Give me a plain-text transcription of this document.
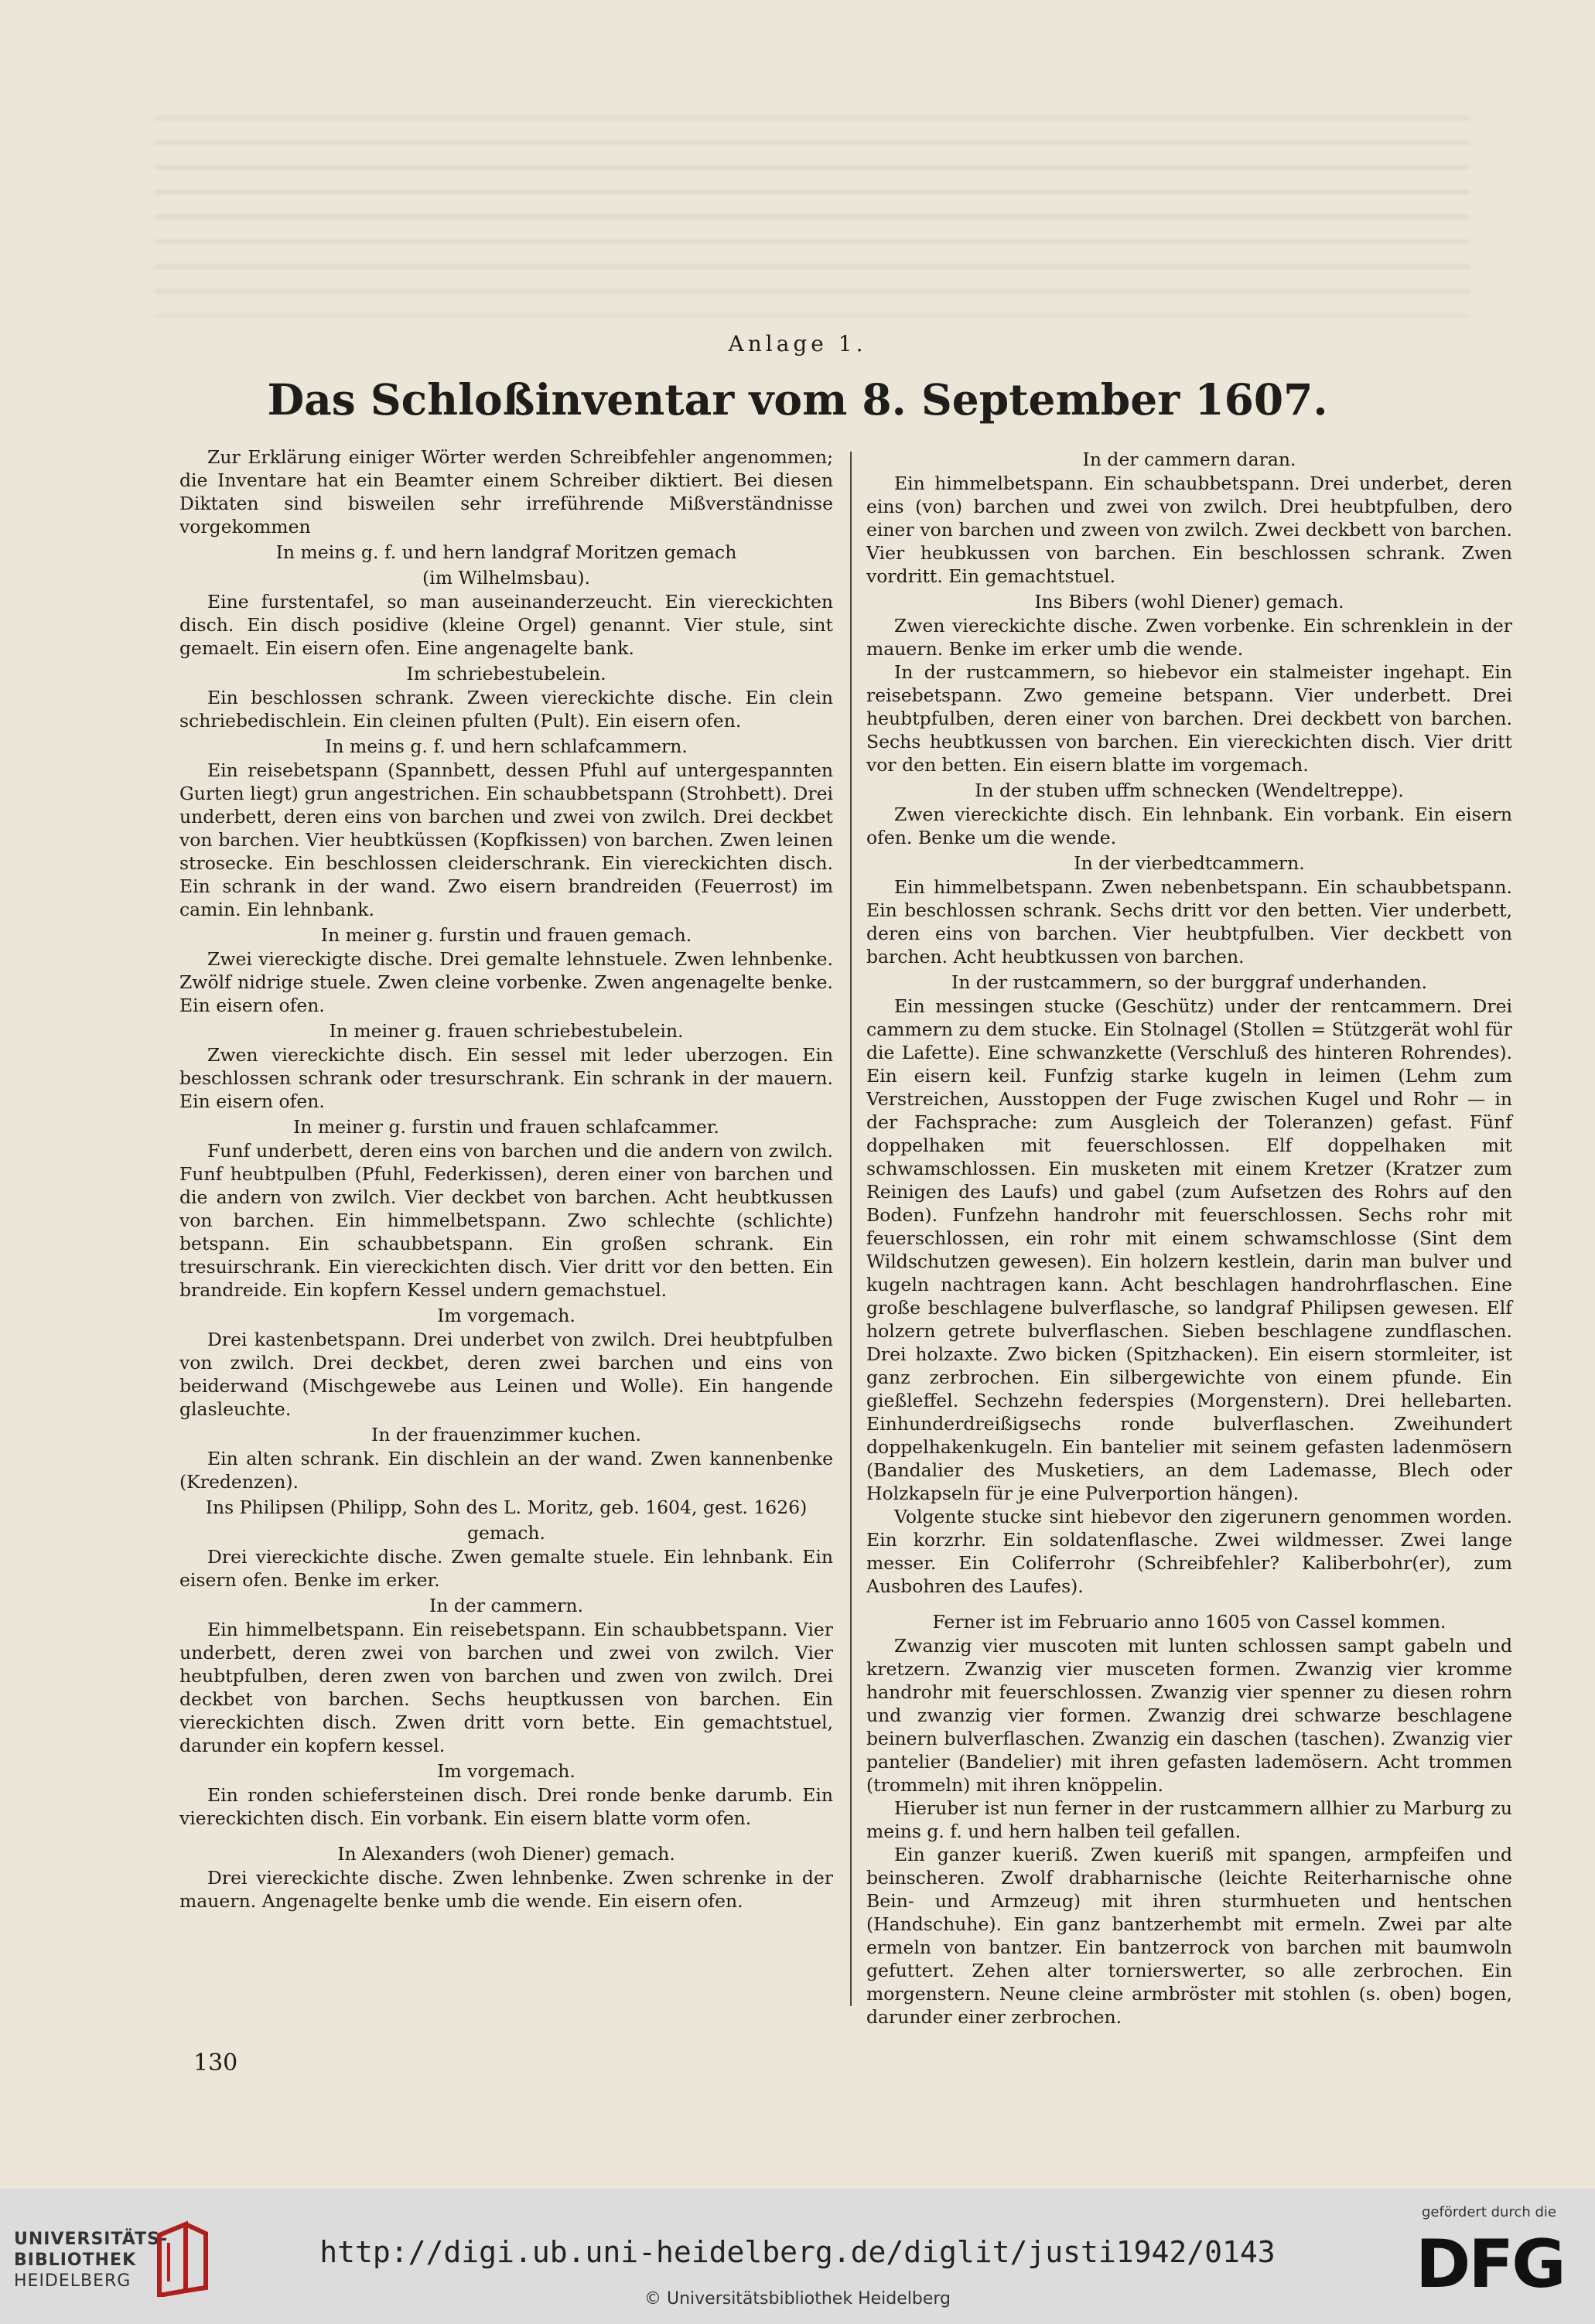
Anlage 1.
Das Schloßinventar vom 8. September 1607.

Zur Erklärung einiger Wörter werden Schreibfehler angenommen; die Inventare hat ein Beamter einem Schreiber diktiert. Bei diesen Diktaten sind bisweilen sehr irreführende Mißverständnisse vorgekommen

In meins g. f. und hern landgraf Moritzen gemach
(im Wilhelmsbau).

Eine furstentafel, so man auseinanderzeucht. Ein viereckichten disch. Ein disch posidive (kleine Orgel) genannt. Vier stule, sint gemaelt. Ein eisern ofen. Eine angenagelte bank.

Im schriebestubelein.

Ein beschlossen schrank. Zween viereckichte dische. Ein clein schriebedischlein. Ein cleinen pfulten (Pult). Ein eisern ofen.

In meins g. f. und hern schlafcammern.

Ein reisebetspann (Spannbett, dessen Pfuhl auf untergespannten Gurten liegt) grun angestrichen. Ein schaubbetspann (Strohbett). Drei underbett, deren eins von barchen und zwei von zwilch. Drei deckbet von barchen. Vier heubtküssen (Kopfkissen) von barchen. Zwen leinen strosecke. Ein beschlossen cleiderschrank. Ein viereckichten disch. Ein schrank in der wand. Zwo eisern brandreiden (Feuerrost) im camin. Ein lehnbank.

In meiner g. furstin und frauen gemach.

Zwei viereckigte dische. Drei gemalte lehnstuele. Zwen lehnbenke. Zwölf nidrige stuele. Zwen cleine vorbenke. Zwen angenagelte benke. Ein eisern ofen.

In meiner g. frauen schriebestubelein.

Zwen viereckichte disch. Ein sessel mit leder uberzogen. Ein beschlossen schrank oder tresurschrank. Ein schrank in der mauern. Ein eisern ofen.

In meiner g. furstin und frauen schlafcammer.

Funf underbett, deren eins von barchen und die andern von zwilch. Funf heubtpulben (Pfuhl, Federkissen), deren einer von barchen und die andern von zwilch. Vier deckbet von barchen. Acht heubtkussen von barchen. Ein himmelbetspann. Zwo schlechte (schlichte) betspann. Ein schaubbetspann. Ein großen schrank. Ein tresuirschrank. Ein viereckichten disch. Vier dritt vor den betten. Ein brandreide. Ein kopfern Kessel undern gemachstuel.

Im vorgemach.

Drei kastenbetspann. Drei underbet von zwilch. Drei heubtpfulben von zwilch. Drei deckbet, deren zwei barchen und eins von beiderwand (Mischgewebe aus Leinen und Wolle). Ein hangende glasleuchte.

In der frauenzimmer kuchen.

Ein alten schrank. Ein dischlein an der wand. Zwen kannenbenke (Kredenzen).

Ins Philipsen (Philipp, Sohn des L. Moritz, geb. 1604, gest. 1626)
gemach.

Drei viereckichte dische. Zwen gemalte stuele. Ein lehnbank. Ein eisern ofen. Benke im erker.

In der cammern.

Ein himmelbetspann. Ein reisebetspann. Ein schaubbetspann. Vier underbett, deren zwei von barchen und zwei von zwilch. Vier heubtpfulben, deren zwen von barchen und zwen von zwilch. Drei deckbet von barchen. Sechs heuptkussen von barchen. Ein viereckichten disch. Zwen dritt vorn bette. Ein gemachtstuel, darunder ein kopfern kessel.

Im vorgemach.

Ein ronden schiefersteinen disch. Drei ronde benke darumb. Ein viereckichten disch. Ein vorbank. Ein eisern blatte vorm ofen.

In Alexanders (woh Diener) gemach.

Drei viereckichte dische. Zwen lehnbenke. Zwen schrenke in der mauern. Angenagelte benke umb die wende. Ein eisern ofen.

In der cammern daran.

Ein himmelbetspann. Ein schaubbetspann. Drei underbet, deren eins (von) barchen und zwei von zwilch. Drei heubtpfulben, dero einer von barchen und zween von zwilch. Zwei deckbett von barchen. Vier heubkussen von barchen. Ein beschlossen schrank. Zwen vordritt. Ein gemachtstuel.

Ins Bibers (wohl Diener) gemach.

Zwen viereckichte dische. Zwen vorbenke. Ein schrenklein in der mauern. Benke im erker umb die wende.

In der rustcammern, so hiebevor ein stalmeister ingehapt. Ein reisebetspann. Zwo gemeine betspann. Vier underbett. Drei heubtpfulben, deren einer von barchen. Drei deckbett von barchen. Sechs heubtkussen von barchen. Ein viereckichten disch. Vier dritt vor den betten. Ein eisern blatte im vorgemach.

In der stuben uffm schnecken (Wendeltreppe).

Zwen viereckichte disch. Ein lehnbank. Ein vorbank. Ein eisern ofen. Benke um die wende.

In der vierbedtcammern.

Ein himmelbetspann. Zwen nebenbetspann. Ein schaubbetspann. Ein beschlossen schrank. Sechs dritt vor den betten. Vier underbett, deren eins von barchen. Vier heubtpfulben. Vier deckbett von barchen. Acht heubtkussen von barchen.

In der rustcammern, so der burggraf underhanden.

Ein messingen stucke (Geschütz) under der rentcammern. Drei cammern zu dem stucke. Ein Stolnagel (Stollen = Stützgerät wohl für die Lafette). Eine schwanzkette (Verschluß des hinteren Rohrendes). Ein eisern keil. Funfzig starke kugeln in leimen (Lehm zum Verstreichen, Ausstoppen der Fuge zwischen Kugel und Rohr — in der Fachsprache: zum Ausgleich der Toleranzen) gefast. Fünf doppelhaken mit feuerschlossen. Elf doppelhaken mit schwamschlossen. Ein musketen mit einem Kretzer (Kratzer zum Reinigen des Laufs) und gabel (zum Aufsetzen des Rohrs auf den Boden). Funfzehn handrohr mit feuerschlossen. Sechs rohr mit feuerschlossen, ein rohr mit einem schwamschlosse (Sint dem Wildschutzen gewesen). Ein holzern kestlein, darin man bulver und kugeln nachtragen kann. Acht beschlagen handrohrflaschen. Eine große beschlagene bulverflasche, so landgraf Philipsen gewesen. Elf holzern getrete bulverflaschen. Sieben beschlagene zundflaschen. Drei holzaxte. Zwo bicken (Spitzhacken). Ein eisern stormleiter, ist ganz zerbrochen. Ein silbergewichte von einem pfunde. Ein gießleffel. Sechzehn federspies (Morgenstern). Drei hellebarten. Einhunderdreißigsechs ronde bulverflaschen. Zweihundert doppelhakenkugeln. Ein bantelier mit seinem gefasten ladenmösern (Bandalier des Musketiers, an dem Lademasse, Blech oder Holzkapseln für je eine Pulverportion hängen).

Volgente stucke sint hiebevor den zigerunern genommen worden. Ein korzrhr. Ein soldatenflasche. Zwei wildmesser. Zwei lange messer. Ein Coliferrohr (Schreibfehler? Kaliberbohr(er), zum Ausbohren des Laufes).

Ferner ist im Februario anno 1605 von Cassel kommen.

Zwanzig vier muscoten mit lunten schlossen sampt gabeln und kretzern. Zwanzig vier musceten formen. Zwanzig vier kromme handrohr mit feuerschlossen. Zwanzig vier spenner zu diesen rohrn und zwanzig vier formen. Zwanzig drei schwarze beschlagene beinern bulverflaschen. Zwanzig ein daschen (taschen). Zwanzig vier pantelier (Bandelier) mit ihren gefasten lademösern. Acht trommen (trommeln) mit ihren knöppelin.

Hieruber ist nun ferner in der rustcammern allhier zu Marburg zu meins g. f. und hern halben teil gefallen.

Ein ganzer kueriß. Zwen kueriß mit spangen, armpfeifen und beinscheren. Zwolf drabharnische (leichte Reiterharnische ohne Bein- und Armzeug) mit ihren sturmhueten und hentschen (Handschuhe). Ein ganz bantzerhembt mit ermeln. Zwei par alte ermeln von bantzer. Ein bantzerrock von barchen mit baumwoln gefuttert. Zehen alter tornierswerter, so alle zerbrochen. Ein morgenstern. Neune cleine armbröster mit stohlen (s. oben) bogen, darunder einer zerbrochen.

130
UNIVERSITÄTS-
BIBLIOTHEK
HEIDELBERG
http://digi.ub.uni-heidelberg.de/diglit/justi1942/0143
© Universitätsbibliothek Heidelberg
gefördert durch die
DFG
